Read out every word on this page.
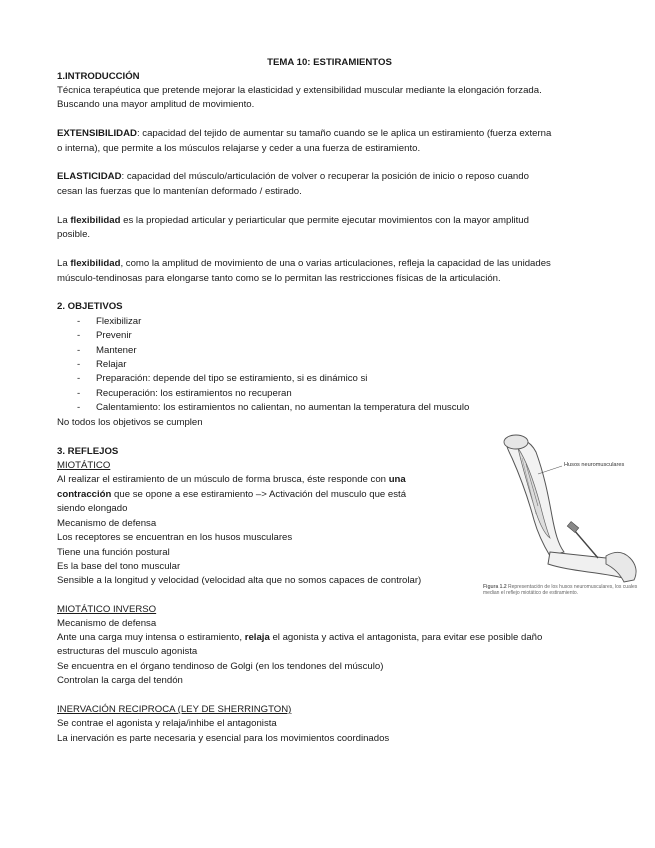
TEMA 10: ESTIRAMIENTOS
1.INTRODUCCIÓN
Técnica terapéutica que pretende mejorar la elasticidad y extensibilidad muscular mediante la elongación forzada.
Buscando una mayor amplitud de movimiento.
EXTENSIBILIDAD: capacidad del tejido de aumentar su tamaño cuando se le aplica un estiramiento (fuerza externa
o interna), que permite a los músculos relajarse y ceder a una fuerza de estiramiento.
ELASTICIDAD: capacidad del músculo/articulación de volver o recuperar la posición de inicio o reposo cuando
cesan las fuerzas que lo mantenían deformado / estirado.
La flexibilidad es la propiedad articular y periarticular que permite ejecutar movimientos con la mayor amplitud
posible.
La flexibilidad, como la amplitud de movimiento de una o varias articulaciones, refleja la capacidad de las unidades
músculo-tendinosas para elongarse tanto como se lo permitan las restricciones físicas de la articulación.
2. OBJETIVOS
- Flexibilizar
- Prevenir
- Mantener
- Relajar
- Preparación: depende del tipo se estiramiento, si es dinámico si
- Recuperación: los estiramientos no recuperan
- Calentamiento: los estiramientos no calientan, no aumentan la temperatura del musculo
No todos los objetivos se cumplen
3. REFLEJOS
MIOTÁTICO
Al realizar el estiramiento de un músculo de forma brusca, éste responde con una
contracción que se opone a ese estiramiento –> Activación del musculo que está
siendo elongado
Mecanismo de defensa
Los receptores se encuentran en los husos musculares
Tiene una función postural
Es la base del tono muscular
Sensible a la longitud y velocidad (velocidad alta que no somos capaces de controlar)
MIOTÁTICO INVERSO
Mecanismo de defensa
Ante una carga muy intensa o estiramiento, relaja el agonista y activa el antagonista, para evitar ese posible daño
estructuras del musculo agonista
Se encuentra en el órgano tendinoso de Golgi (en los tendones del músculo)
Controlan la carga del tendón
INERVACIÓN RECIPROCA (LEY DE SHERRINGTON)
Se contrae el agonista y relaja/inhibe el antagonista
La inervación es parte necesaria y esencial para los movimientos coordinados
Husos neuromusculares
Figura 1.2 Representación de los husos neuromusculares, los cuales median el reflejo miotático de estiramiento.
